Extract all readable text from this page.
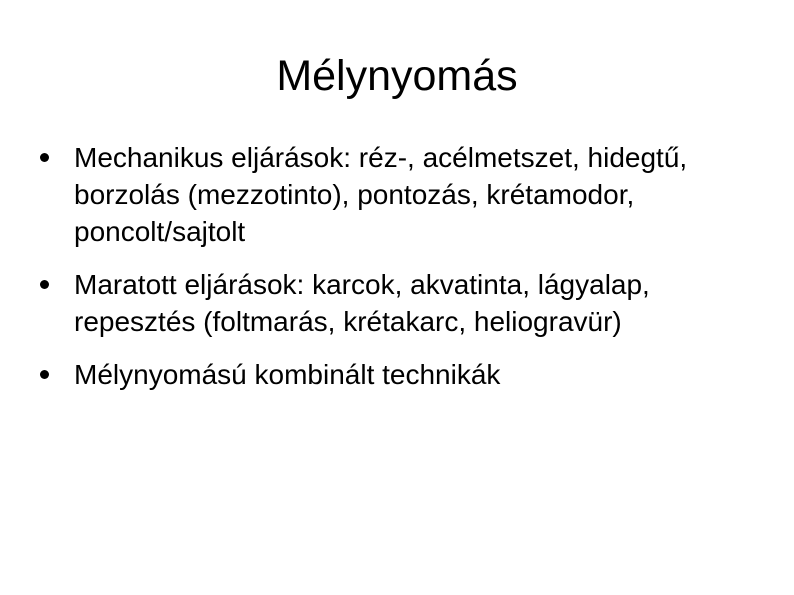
Mélynyomás
Mechanikus eljárások: réz-, acélmetszet, hidegtű, borzolás (mezzotinto), pontozás, krétamodor, poncolt/sajtolt
Maratott eljárások: karcok, akvatinta, lágyalap, repesztés (foltmarás, krétakarc, heliogravür)
Mélynyomású kombinált technikák
